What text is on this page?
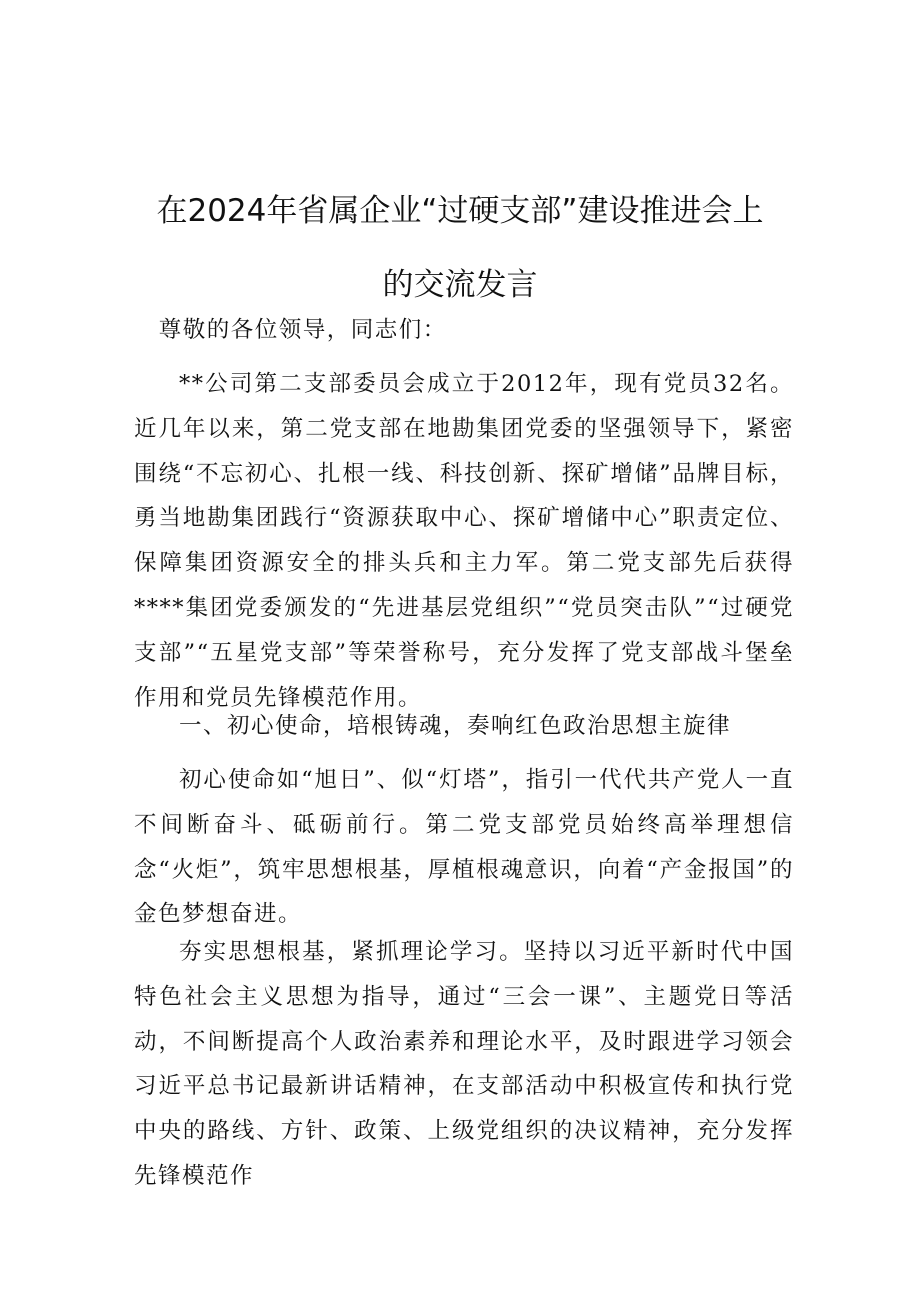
在2024年省属企业“过硬支部”建设推进会上
的交流发言
尊敬的各位领导，同志们：
**公司第二支部委员会成立于2012年，现有党员32名。近几年以来，第二党支部在地勘集团党委的坚强领导下，紧密围绕“不忘初心、扎根一线、科技创新、探矿增储”品牌目标，勇当地勘集团践行“资源获取中心、探矿增储中心”职责定位、保障集团资源安全的排头兵和主力军。第二党支部先后获得****集团党委颁发的“先进基层党组织”“党员突击队”“过硬党支部”“五星党支部”等荣誉称号，充分发挥了党支部战斗堡垒作用和党员先锋模范作用。
一、初心使命，培根铸魂，奏响红色政治思想主旋律
初心使命如“旭日”、似“灯塔”，指引一代代共产党人一直不间断奋斗、砥砺前行。第二党支部党员始终高举理想信念“火炬”，筑牢思想根基，厚植根魂意识，向着“产金报国”的金色梦想奋进。
夯实思想根基，紧抓理论学习。坚持以习近平新时代中国特色社会主义思想为指导，通过“三会一课”、主题党日等活动，不间断提高个人政治素养和理论水平，及时跟进学习领会习近平总书记最新讲话精神，在支部活动中积极宣传和执行党中央的路线、方针、政策、上级党组织的决议精神，充分发挥先锋模范作
